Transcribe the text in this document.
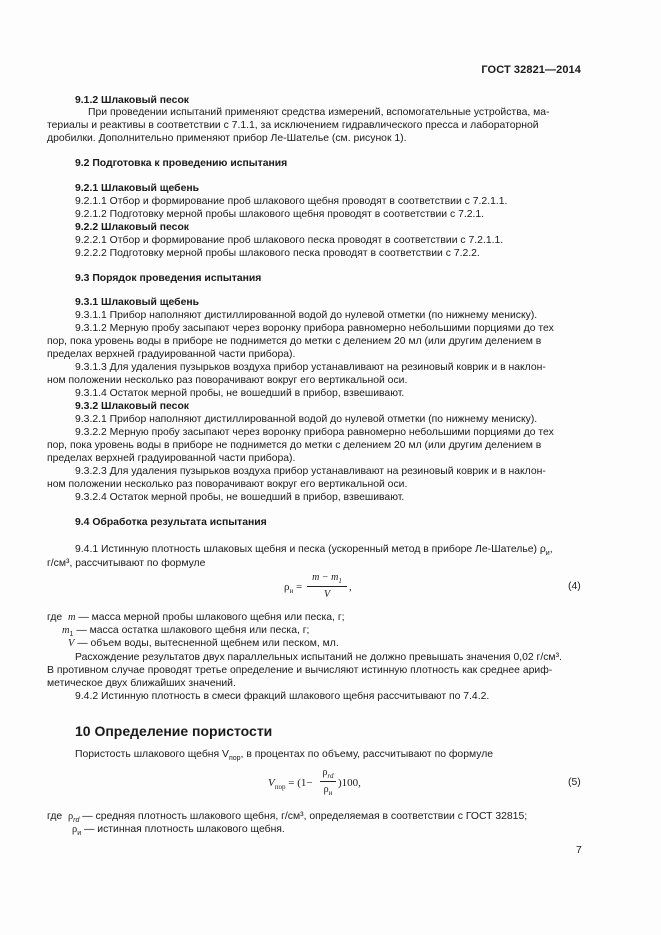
ГОСТ 32821—2014
9.1.2 Шлаковый песок
При проведении испытаний применяют средства измерений, вспомогательные устройства, ма-
териалы и реактивы в соответствии с 7.1.1, за исключением гидравлического пресса и лабораторной
дробилки. Дополнительно применяют прибор Ле-Шателье (см. рисунок 1).
9.2 Подготовка к проведению испытания
9.2.1 Шлаковый щебень
9.2.1.1 Отбор и формирование проб шлакового щебня проводят в соответствии с 7.2.1.1.
9.2.1.2 Подготовку мерной пробы шлакового щебня проводят в соответствии с 7.2.1.
9.2.2 Шлаковый песок
9.2.2.1 Отбор и формирование проб шлакового песка проводят в соответствии с 7.2.1.1.
9.2.2.2 Подготовку мерной пробы шлакового песка проводят в соответствии с 7.2.2.
9.3 Порядок проведения испытания
9.3.1 Шлаковый щебень
9.3.1.1 Прибор наполняют дистиллированной водой до нулевой отметки (по нижнему мениску).
9.3.1.2 Мерную пробу засыпают через воронку прибора равномерно небольшими порциями до тех
пор, пока уровень воды в приборе не поднимется до метки с делением 20 мл (или другим делением в
пределах верхней градуированной части прибора).
9.3.1.3 Для удаления пузырьков воздуха прибор устанавливают на резиновый коврик и в наклон-
ном положении несколько раз поворачивают вокруг его вертикальной оси.
9.3.1.4 Остаток мерной пробы, не вошедший в прибор, взвешивают.
9.3.2 Шлаковый песок
9.3.2.1 Прибор наполняют дистиллированной водой до нулевой отметки (по нижнему мениску).
9.3.2.2 Мерную пробу засыпают через воронку прибора равномерно небольшими порциями до тех
пор, пока уровень воды в приборе не поднимется до метки с делением 20 мл (или другим делением в
пределах верхней градуированной части прибора).
9.3.2.3 Для удаления пузырьков воздуха прибор устанавливают на резиновый коврик и в наклон-
ном положении несколько раз поворачивают вокруг его вертикальной оси.
9.3.2.4 Остаток мерной пробы, не вошедший в прибор, взвешивают.
9.4 Обработка результата испытания
9.4.1 Истинную плотность шлаковых щебня и песка (ускоренный метод в приборе Ле-Шателье) $\rho_и$,
г/см³, рассчитывают по формуле
$\rho_и$ =
$m - m_1$
V
,	(4)
где m — масса мерной пробы шлакового щебня или песка, г;
$m_1$ — масса остатка шлакового щебня или песка, г;
V — объем воды, вытесненной щебнем или песком, мл.
Расхождение результатов двух параллельных испытаний не должно превышать значения 0,02 г/см³.
В противном случае проводят третье определение и вычисляют истинную плотность как среднее ариф-
метическое двух ближайших значений.
9.4.2 Истинную плотность в смеси фракций шлакового щебня рассчитывают по 7.4.2.
10 Определение пористости
Пористость шлакового щебня $V_{пор}$, в процентах по объему, рассчитывают по формуле
$V_{пор} = (1-$
$\rho_{rd}$
$\rho_и$
)100,	(5)
где $\rho_{rd}$ — средняя плотность шлакового щебня, г/см³, определяемая в соответствии с ГОСТ 32815;
$\rho_и$ — истинная плотность шлакового щебня.
7
